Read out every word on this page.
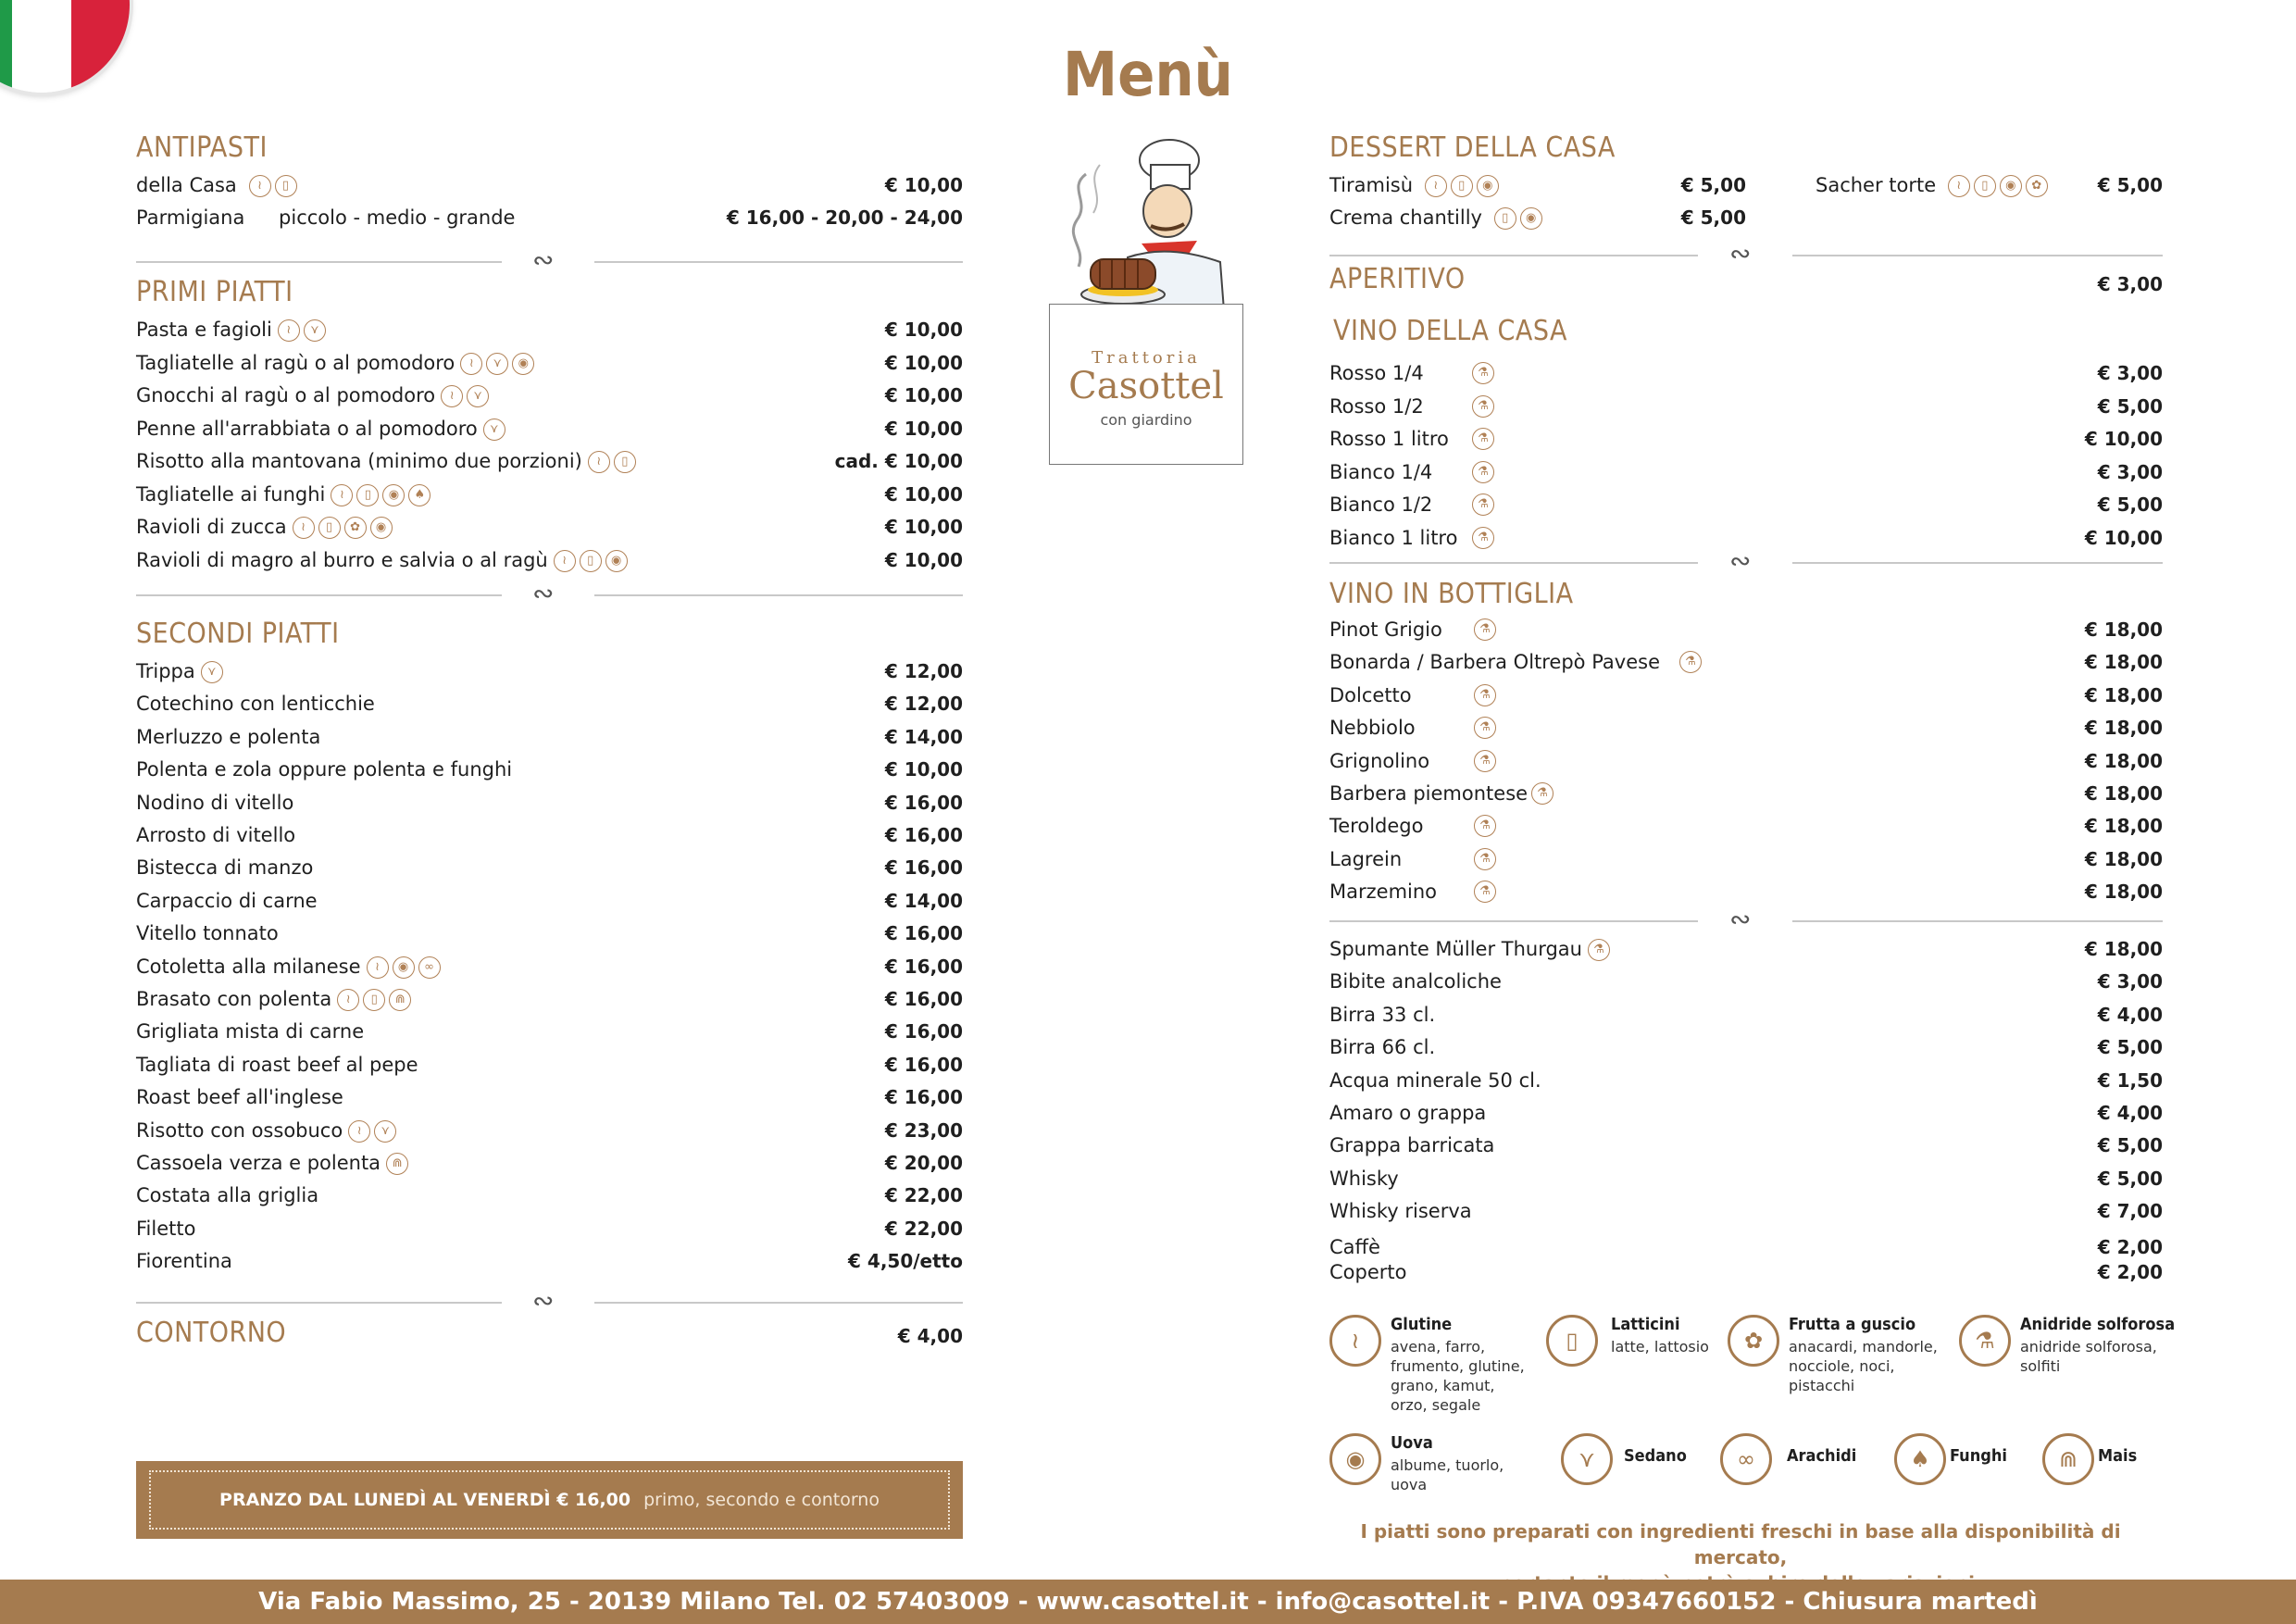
Menù
ANTIPASTI
della Casa	≀	▯	€ 10,00
Parmigiana piccolo - medio - grande	€ 16,00 - 20,00 - 24,00
∾
PRIMI PIATTI
Pasta e fagioli	≀	⋎	€ 10,00
Tagliatelle al ragù o al pomodoro	≀	⋎	◉	€ 10,00
Gnocchi al ragù o al pomodoro	≀	⋎	€ 10,00
Penne all'arrabbiata o al pomodoro	⋎	€ 10,00
Risotto alla mantovana (minimo due porzioni)	≀	▯	cad. € 10,00
Tagliatelle ai funghi	≀	▯	◉	♠	€ 10,00
Ravioli di zucca	≀	▯	✿	◉	€ 10,00
Ravioli di magro al burro e salvia o al ragù	≀	▯	◉	€ 10,00
∾
SECONDI PIATTI
Trippa	⋎	€ 12,00
Cotechino con lenticchie	€ 12,00
Merluzzo e polenta	€ 14,00
Polenta e zola oppure polenta e funghi	€ 10,00
Nodino di vitello	€ 16,00
Arrosto di vitello	€ 16,00
Bistecca di manzo	€ 16,00
Carpaccio di carne	€ 14,00
Vitello tonnato	€ 16,00
Cotoletta alla milanese	≀	◉	∞	€ 16,00
Brasato con polenta	≀	▯	⋒	€ 16,00
Grigliata mista di carne	€ 16,00
Tagliata di roast beef al pepe	€ 16,00
Roast beef all'inglese	€ 16,00
Risotto con ossobuco	≀	⋎	€ 23,00
Cassoela verza e polenta ⋒	€ 20,00
Costata alla griglia	€ 22,00
Filetto	€ 22,00
Fiorentina	€ 4,50/etto
∾
CONTORNO	€ 4,00
PRANZO DAL LUNEDÌ AL VENERDÌ € 16,00 primo, secondo e contorno
Trattoria
Casottel
con giardino
DESSERT DELLA CASA
Tiramisù	≀	▯	◉	€ 5,00
Crema chantilly	▯	◉	€ 5,00
Sacher torte	≀	▯	◉	✿	€ 5,00
∾
APERITIVO	€ 3,00
VINO DELLA CASA
Rosso 1/4	⚗	€ 3,00
Rosso 1/2	⚗	€ 5,00
Rosso 1 litro	⚗	€ 10,00
Bianco 1/4	⚗	€ 3,00
Bianco 1/2	⚗	€ 5,00
Bianco 1 litro	⚗	€ 10,00
∾
VINO IN BOTTIGLIA
Pinot Grigio	⚗	€ 18,00
Bonarda / Barbera Oltrepò Pavese	⚗	€ 18,00
Dolcetto	⚗	€ 18,00
Nebbiolo	⚗	€ 18,00
Grignolino	⚗	€ 18,00
Barbera piemontese ⚗	€ 18,00
Teroldego	⚗	€ 18,00
Lagrein	⚗	€ 18,00
Marzemino	⚗	€ 18,00
∾
Spumante Müller Thurgau ⚗	€ 18,00
Bibite analcoliche	€ 3,00
Birra 33 cl.	€ 4,00
Birra 66 cl.	€ 5,00
Acqua minerale 50 cl.	€ 1,50
Amaro o grappa	€ 4,00
Grappa barricata	€ 5,00
Whisky	€ 5,00
Whisky riserva	€ 7,00
Caffè	€ 2,00
Coperto	€ 2,00
≀
Glutine
avena, farro, frumento, glutine, grano, kamut, orzo, segale
▯
Latticini
latte, lattosio	✿
Frutta a guscio
anacardi, mandorle, nocciole, noci, pistacchi
⚗
Anidride solforosa
anidride solforosa, solfiti
◉
Uova
albume, tuorlo, uova
⋎	Sedano	∞	Arachidi	♠	Funghi	⋒	Mais
I piatti sono preparati con ingredienti freschi in base alla disponibilità di mercato,
Via Fabio Massimo, 25 - 20139 Milano Tel. 02 57403009 - www.casottel.it - info@casottel.it - P.IVA 09347660152 - Chiusura martedì
